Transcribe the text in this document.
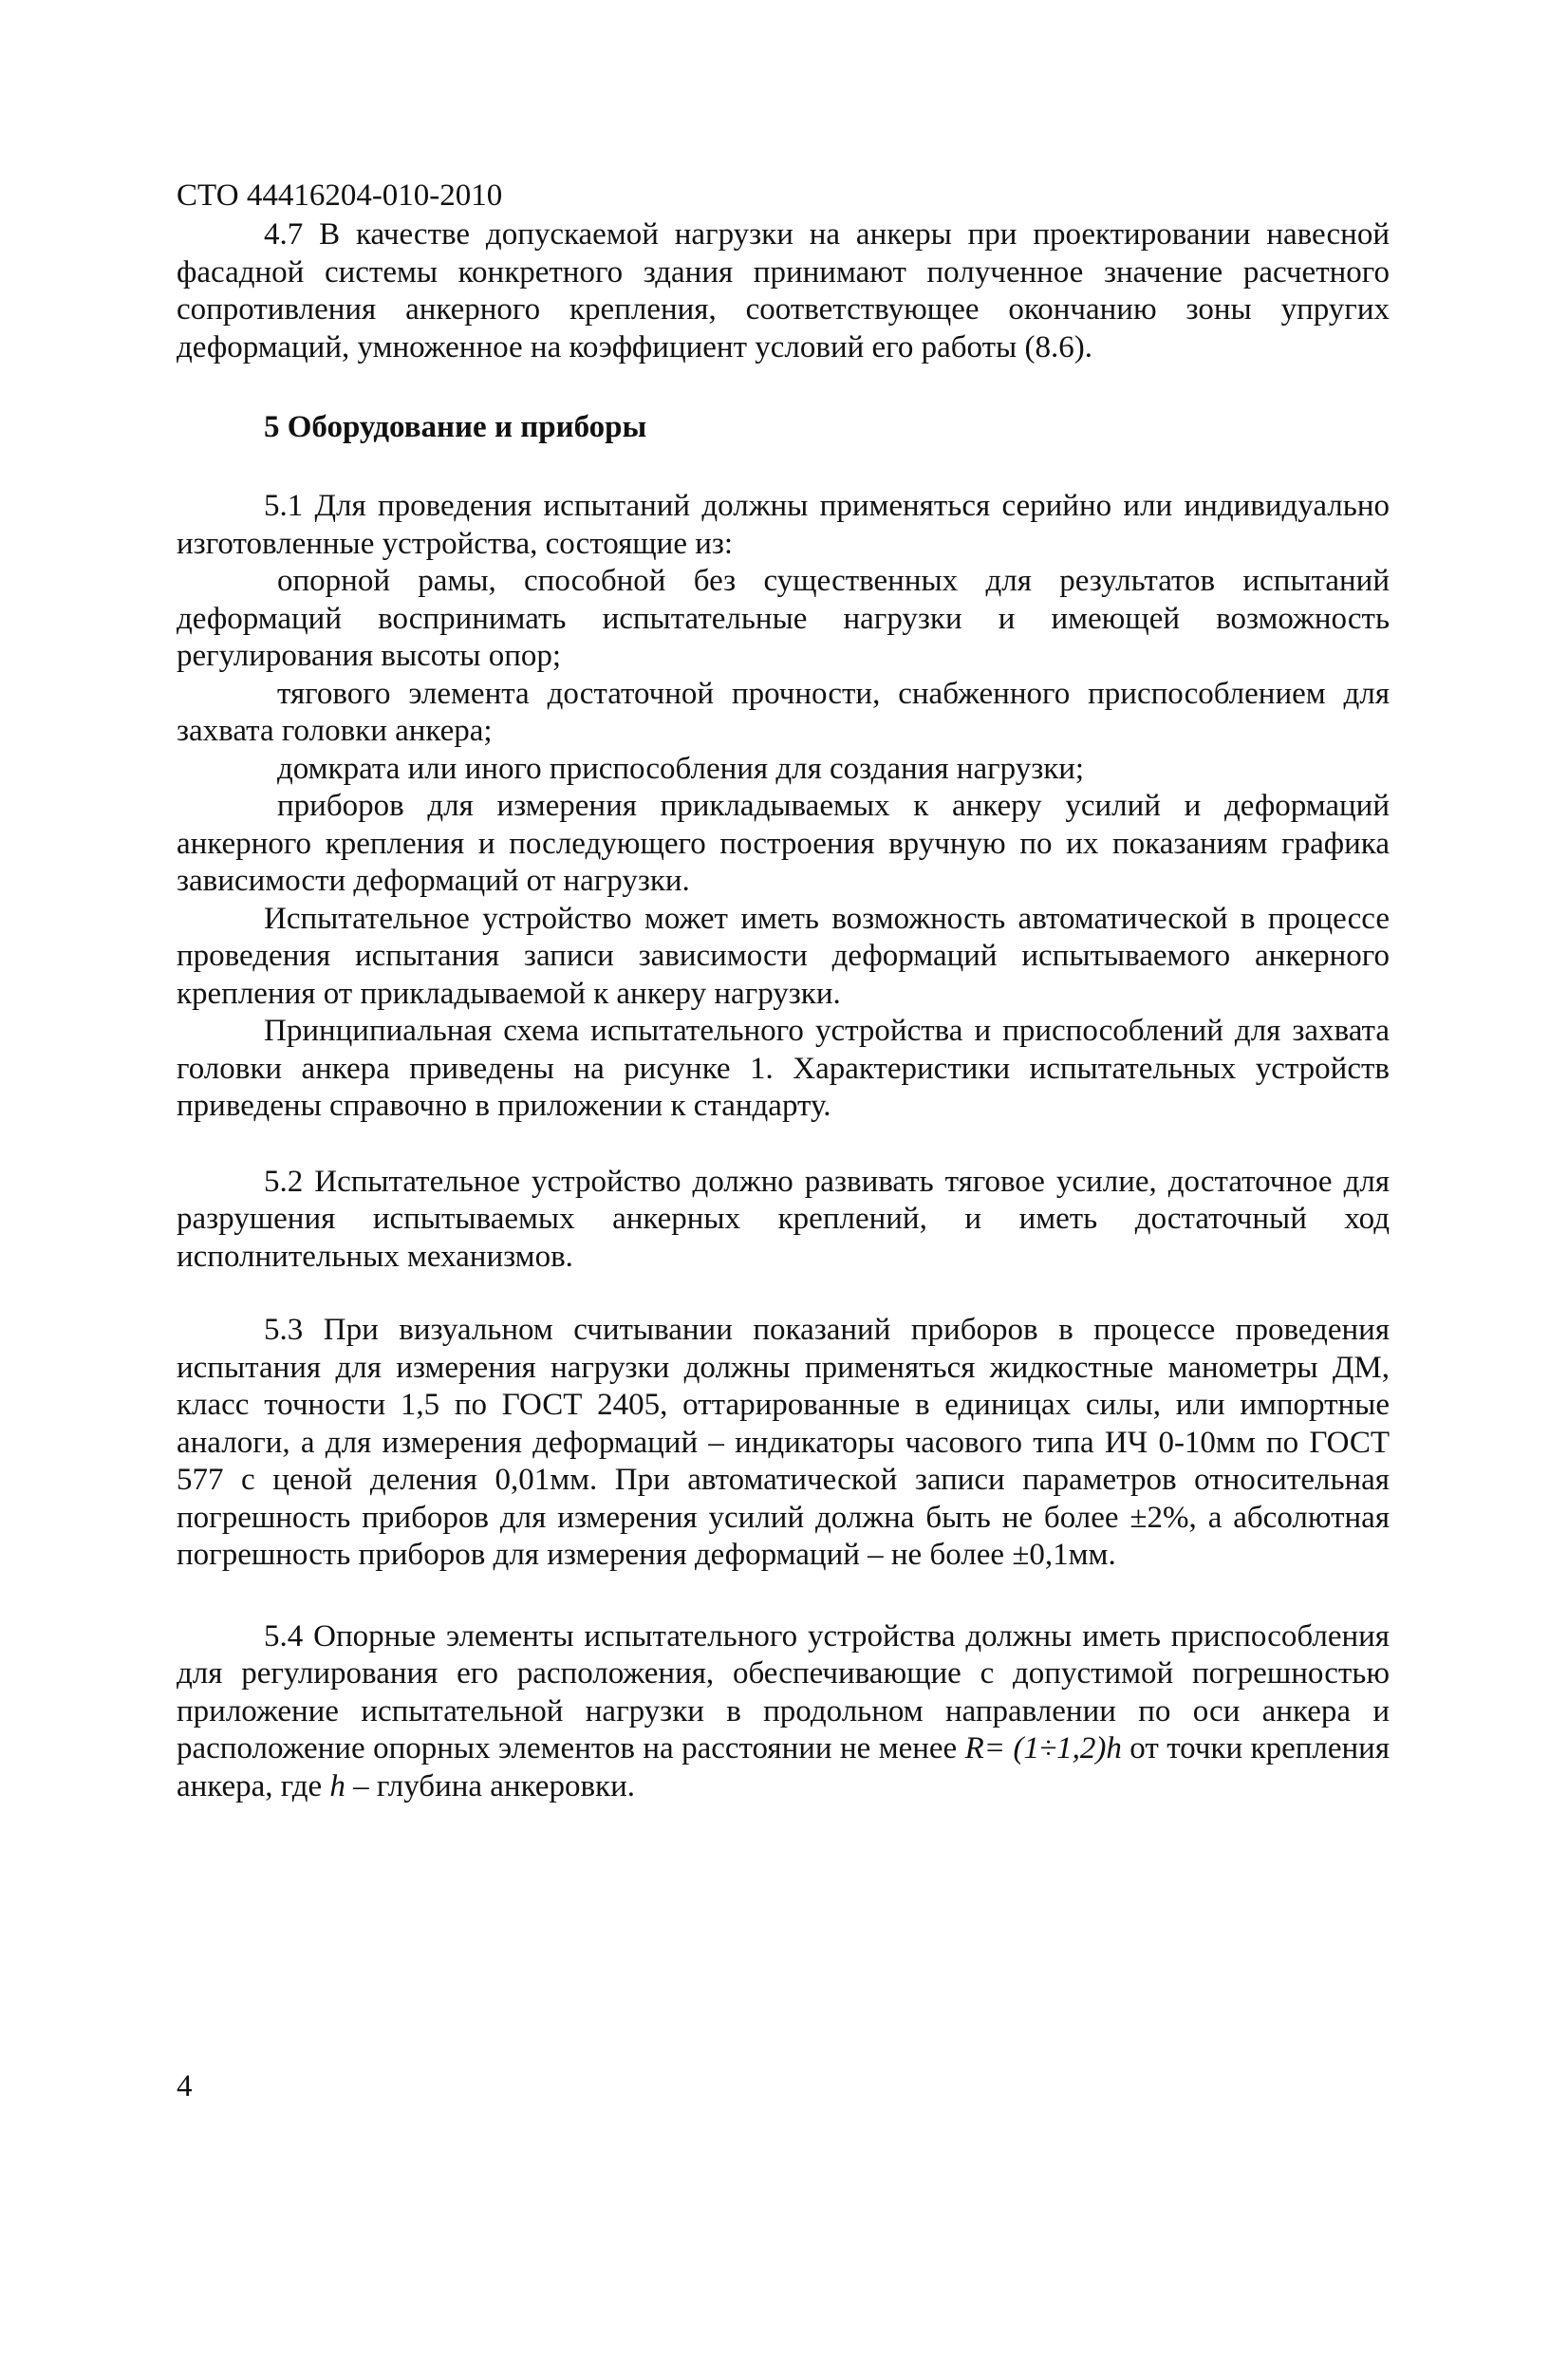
СТО 44416204-010-2010

4.7 В качестве допускаемой нагрузки на анкеры при проектировании навесной фасадной системы конкретного здания принимают полученное значение расчетного сопротивления анкерного крепления, соответствующее окончанию зоны упругих деформаций, умноженное на коэффициент условий его работы (8.6).

5 Оборудование и приборы

5.1 Для проведения испытаний должны применяться серийно или индивидуально изготовленные устройства, состоящие из:

опорной рамы, способной без существенных для результатов испытаний деформаций воспринимать испытательные нагрузки и имеющей возможность регулирования высоты опор;

тягового элемента достаточной прочности, снабженного приспособлением для захвата головки анкера;

домкрата или иного приспособления для создания нагрузки;

приборов для измерения прикладываемых к анкеру усилий и деформаций анкерного крепления и последующего построения вручную по их показаниям графика зависимости деформаций от нагрузки.

Испытательное устройство может иметь возможность автоматической в процессе проведения испытания записи зависимости деформаций испытываемого анкерного крепления от прикладываемой к анкеру нагрузки.

Принципиальная схема испытательного устройства и приспособлений для захвата головки анкера приведены на рисунке 1. Характеристики испытательных устройств приведены справочно в приложении к стандарту.

5.2 Испытательное устройство должно развивать тяговое усилие, достаточное для разрушения испытываемых анкерных креплений, и иметь достаточный ход исполнительных механизмов.

5.3 При визуальном считывании показаний приборов в процессе проведения испытания для измерения нагрузки должны применяться жидкостные манометры ДМ, класс точности 1,5 по ГОСТ 2405, оттарированные в единицах силы, или импортные аналоги, а для измерения деформаций – индикаторы часового типа ИЧ 0-10мм по ГОСТ 577 с ценой деления 0,01мм. При автоматической записи параметров относительная погрешность приборов для измерения усилий должна быть не более ±2%, а абсолютная погрешность приборов для измерения деформаций – не более ±0,1мм.

5.4 Опорные элементы испытательного устройства должны иметь приспособления для регулирования его расположения, обеспечивающие с допустимой погрешностью приложение испытательной нагрузки в продольном направлении по оси анкера и расположение опорных элементов на расстоянии не менее R= (1÷1,2)h от точки крепления анкера, где h – глубина анкеровки.

4
